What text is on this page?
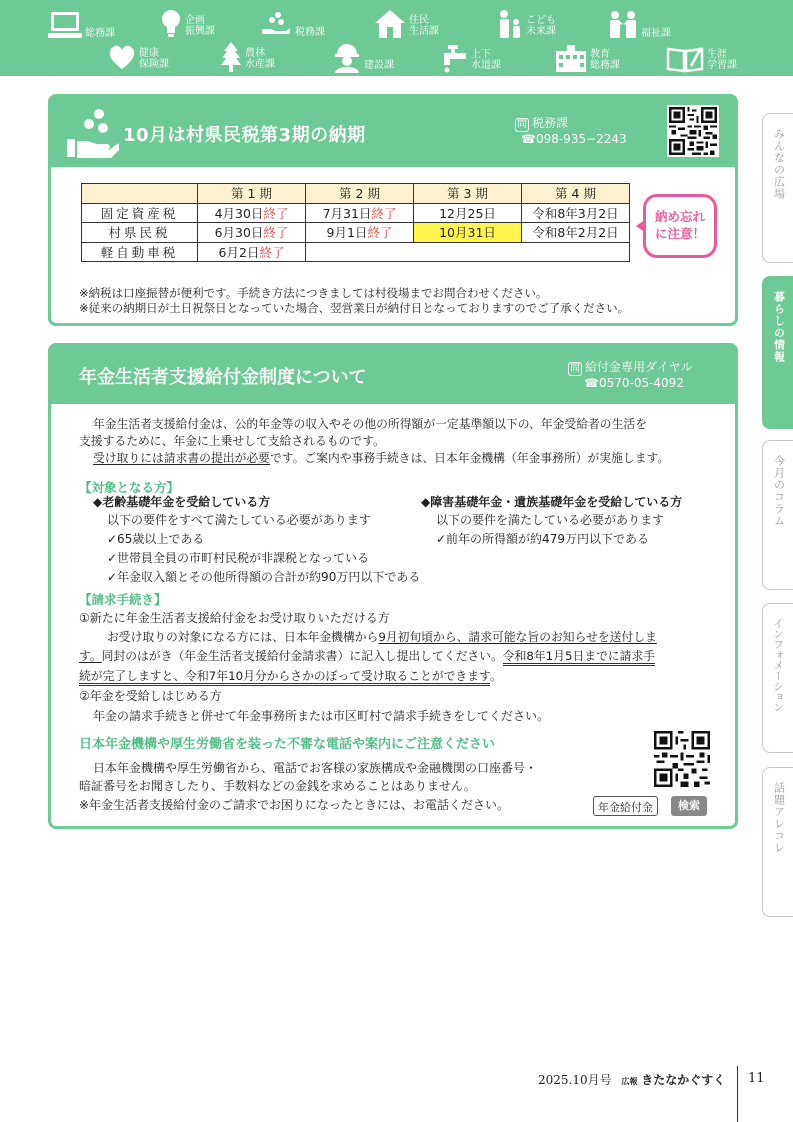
総務課
企画
振興課	税務課
住民
生活課
こども
未来課	福祉課
健康
保険課
農林
水産課	建設課
上下
水道課
教育
総務課
生涯
学習課
みんなの広場
暮らしの情報
今月のコラム
インフォメーション
話題アレコレ
10月は村県民税第3期の納期
問 税務課
☎098-935−2243
	第 1 期	第 2 期	第 3 期	第 4 期
固定資産税	4月30日終了	7月31日終了	12月25日	令和8年3月2日
村県民税	6月30日終了	9月1日終了	10月31日	令和8年2月2日
軽自動車税	6月2日終了			
納め忘れ
に注意！
※納税は口座振替が便利です。手続き方法につきましては村役場までお問合わせください。
※従来の納期日が土日祝祭日となっていた場合、翌営業日が納付日となっておりますのでご了承ください。
年金生活者支援給付金制度について	問 給付金専用ダイヤル
☎0570-05-4092
年金生活者支援給付金は、公的年金等の収入やその他の所得額が一定基準額以下の、年金受給者の生活を
支援するために、年金に上乗せして支給されるものです。
受け取りには請求書の提出が必要です。ご案内や事務手続きは、日本年金機構（年金事務所）が実施します。
【対象となる方】
◆老齢基礎年金を受給している方
以下の要件をすべて満たしている必要があります
✓65歳以上である
✓世帯員全員の市町村民税が非課税となっている
✓年金収入額とその他所得額の合計が約90万円以下である
◆障害基礎年金・遺族基礎年金を受給している方
以下の要件を満たしている必要があります
✓前年の所得額が約479万円以下である
【請求手続き】
①新たに年金生活者支援給付金をお受け取りいただける方
お受け取りの対象になる方には、日本年金機構から9月初旬頃から、請求可能な旨のお知らせを送付しま
す。同封のはがき（年金生活者支援給付金請求書）に記入し提出してください。令和8年1月5日までに請求手
続が完了しますと、令和7年10月分からさかのぼって受け取ることができます。
②年金を受給しはじめる方
年金の請求手続きと併せて年金事務所または市区町村で請求手続きをしてください。
日本年金機構や厚生労働省を装った不審な電話や案内にご注意ください
日本年金機構や厚生労働省から、電話でお客様の家族構成や金融機関の口座番号・
暗証番号をお聞きしたり、手数料などの金銭を求めることはありません。
※年金生活者支援給付金のご請求でお困りになったときには、お電話ください。	年金給付金	検索
2025.10月号 広報 きたなかぐすく 11
